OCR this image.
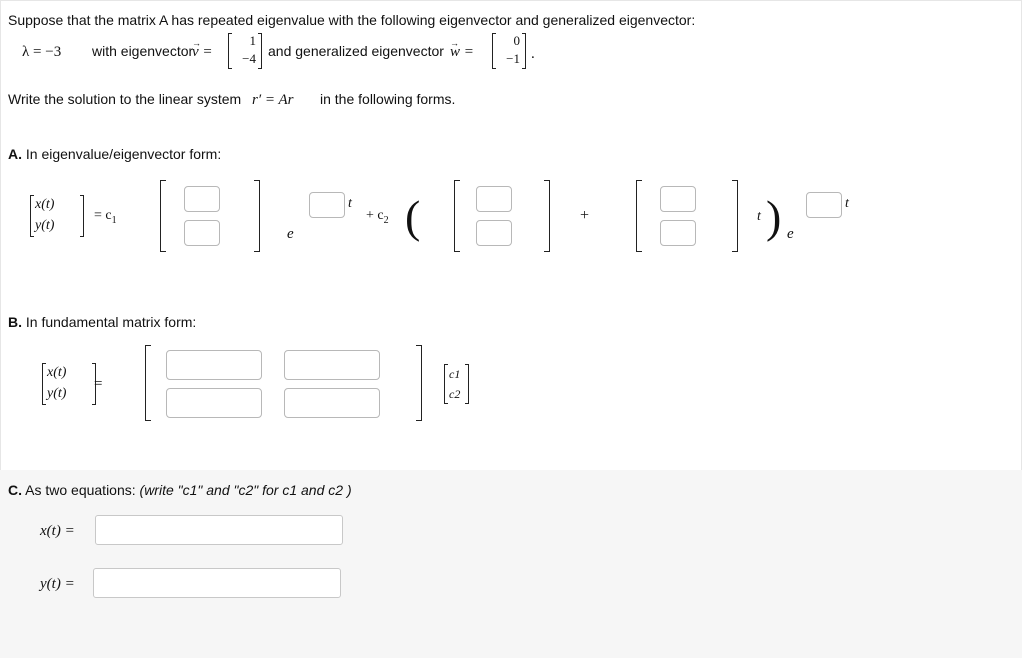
Suppose that the matrix A has repeated eigenvalue with the following eigenvector and generalized eigenvector:
λ = −3 with eigenvector
v → =
1
−4 and generalized eigenvector w → =
0
−1 .
Write the solution to the linear system r′ = Ar in the following forms.
A. In eigenvalue/eigenvector form:
x(t)
y(t)
= $c_1$
e
t
+ $c_2$ (	+	t ) e
t
B. In fundamental matrix form:
x(t)
y(t)
=
c1
c2
C. As two equations: (write "c1" and "c2" for c1 and c2 )
x(t) =
y(t) =
